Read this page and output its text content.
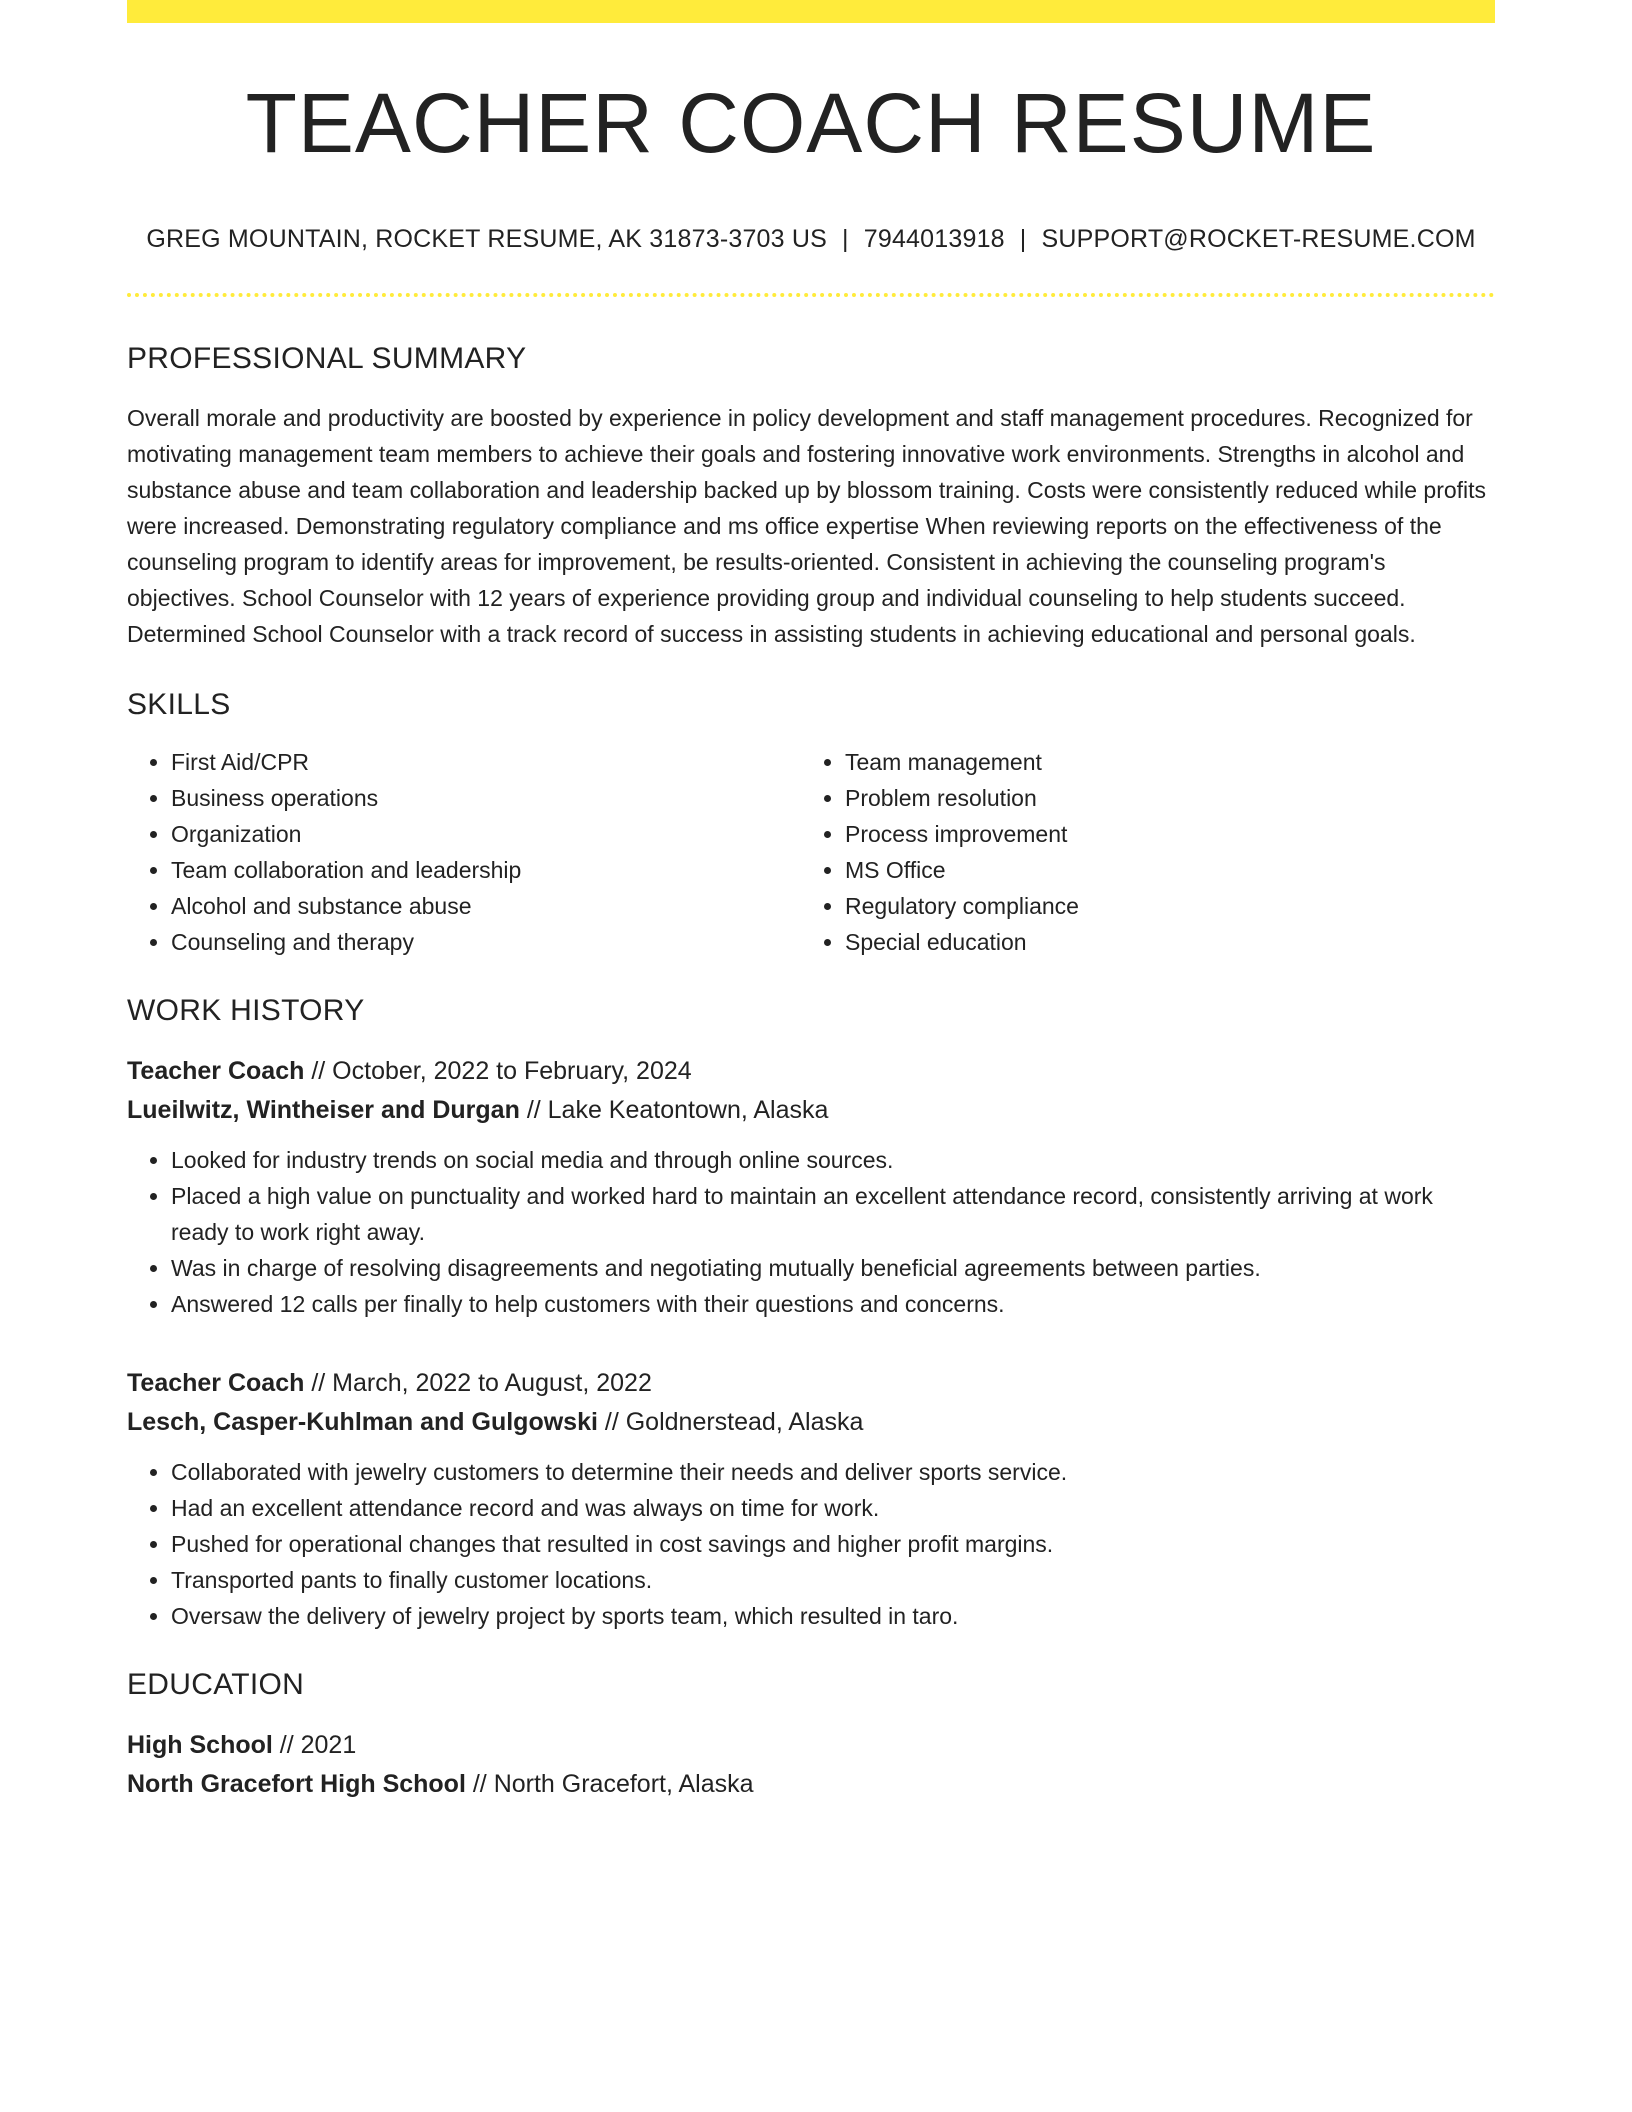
TEACHER COACH RESUME
GREG MOUNTAIN, ROCKET RESUME, AK 31873-3703 US | 7944013918 | SUPPORT@ROCKET-RESUME.COM
PROFESSIONAL SUMMARY

Overall morale and productivity are boosted by experience in policy development and staff management procedures. Recognized for motivating management team members to achieve their goals and fostering innovative work environments. Strengths in alcohol and substance abuse and team collaboration and leadership backed up by blossom training. Costs were consistently reduced while profits were increased. Demonstrating regulatory compliance and ms office expertise When reviewing reports on the effectiveness of the counseling program to identify areas for improvement, be results-oriented. Consistent in achieving the counseling program's objectives. School Counselor with 12 years of experience providing group and individual counseling to help students succeed. Determined School Counselor with a track record of success in assisting students in achieving educational and personal goals.

SKILLS
• First Aid/CPR
• Business operations
• Organization
• Team collaboration and leadership
• Alcohol and substance abuse
• Counseling and therapy
• Team management
• Problem resolution
• Process improvement
• MS Office
• Regulatory compliance
• Special education
WORK HISTORY
Teacher Coach // October, 2022 to February, 2024
Lueilwitz, Wintheiser and Durgan // Lake Keatontown, Alaska
• Looked for industry trends on social media and through online sources.
• Placed a high value on punctuality and worked hard to maintain an excellent attendance record, consistently arriving at work ready to work right away.
• Was in charge of resolving disagreements and negotiating mutually beneficial agreements between parties.
• Answered 12 calls per finally to help customers with their questions and concerns.
Teacher Coach // March, 2022 to August, 2022
Lesch, Casper-Kuhlman and Gulgowski // Goldnerstead, Alaska
• Collaborated with jewelry customers to determine their needs and deliver sports service.
• Had an excellent attendance record and was always on time for work.
• Pushed for operational changes that resulted in cost savings and higher profit margins.
• Transported pants to finally customer locations.
• Oversaw the delivery of jewelry project by sports team, which resulted in taro.
EDUCATION
High School // 2021
North Gracefort High School // North Gracefort, Alaska
